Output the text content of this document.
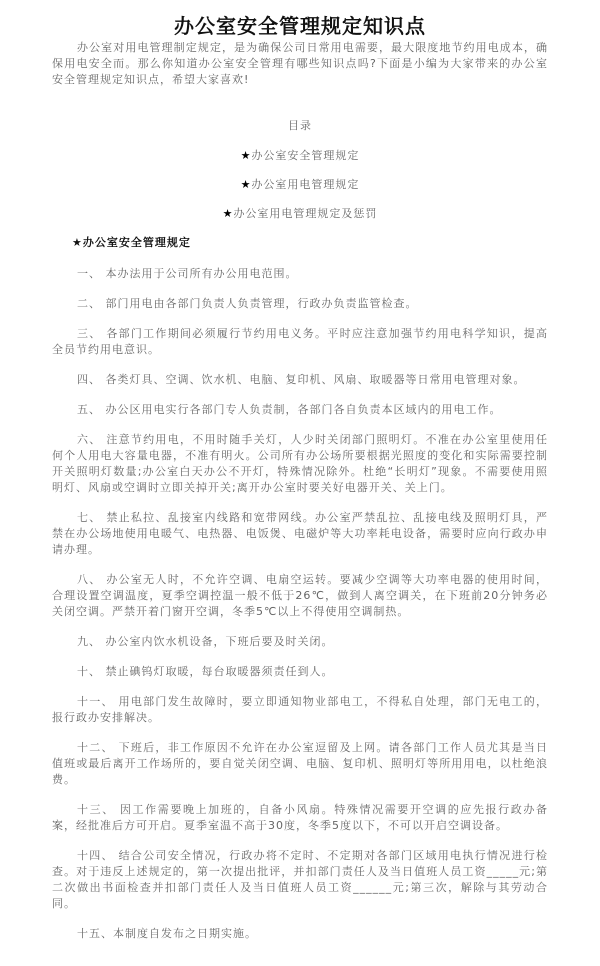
办公室安全管理规定知识点
办公室对用电管理制定规定，是为确保公司日常用电需要，最大限度地节约用电成本，确保用电安全而。那么你知道办公室安全管理有哪些知识点吗?下面是小编为大家带来的办公室安全管理规定知识点，希望大家喜欢!
目录
★办公室安全管理规定
★办公室用电管理规定
★办公室用电管理规定及惩罚
★办公室安全管理规定
一、 本办法用于公司所有办公用电范围。
二、 部门用电由各部门负责人负责管理，行政办负责监管检查。
三、 各部门工作期间必须履行节约用电义务。平时应注意加强节约用电科学知识，提高全员节约用电意识。
四、 各类灯具、空调、饮水机、电脑、复印机、风扇、取暖器等日常用电管理对象。
五、 办公区用电实行各部门专人负责制，各部门各自负责本区域内的用电工作。
六、 注意节约用电，不用时随手关灯，人少时关闭部门照明灯。不准在办公室里使用任何个人用电大容量电器，不准有明火。公司所有办公场所要根据光照度的变化和实际需要控制开关照明灯数量;办公室白天办公不开灯，特殊情况除外。杜绝“长明灯”现象。不需要使用照明灯、风扇或空调时立即关掉开关;离开办公室时要关好电器开关、关上门。
七、 禁止私拉、乱接室内线路和宽带网线。办公室严禁乱拉、乱接电线及照明灯具，严禁在办公场地使用电暖气、电热器、电饭煲、电磁炉等大功率耗电设备，需要时应向行政办申请办理。
八、 办公室无人时，不允许空调、电扇空运转。要减少空调等大功率电器的使用时间，合理设置空调温度，夏季空调控温一般不低于26℃，做到人离空调关，在下班前20分钟务必关闭空调。严禁开着门窗开空调，冬季5℃以上不得使用空调制热。
九、 办公室内饮水机设备，下班后要及时关闭。
十、 禁止碘钨灯取暖，每台取暖器须责任到人。
十一、 用电部门发生故障时，要立即通知物业部电工，不得私自处理，部门无电工的，报行政办安排解决。
十二、 下班后，非工作原因不允许在办公室逗留及上网。请各部门工作人员尤其是当日值班或最后离开工作场所的，要自觉关闭空调、电脑、复印机、照明灯等所用用电，以杜绝浪费。
十三、 因工作需要晚上加班的，自备小风扇。特殊情况需要开空调的应先报行政办备案，经批准后方可开启。夏季室温不高于30度，冬季5度以下，不可以开启空调设备。
十四、 结合公司安全情况，行政办将不定时、不定期对各部门区域用电执行情况进行检查。对于违反上述规定的，第一次提出批评，并扣部门责任人及当日值班人员工资_____元;第二次做出书面检查并扣部门责任人及当日值班人员工资______元;第三次，解除与其劳动合同。
十五、本制度自发布之日期实施。
